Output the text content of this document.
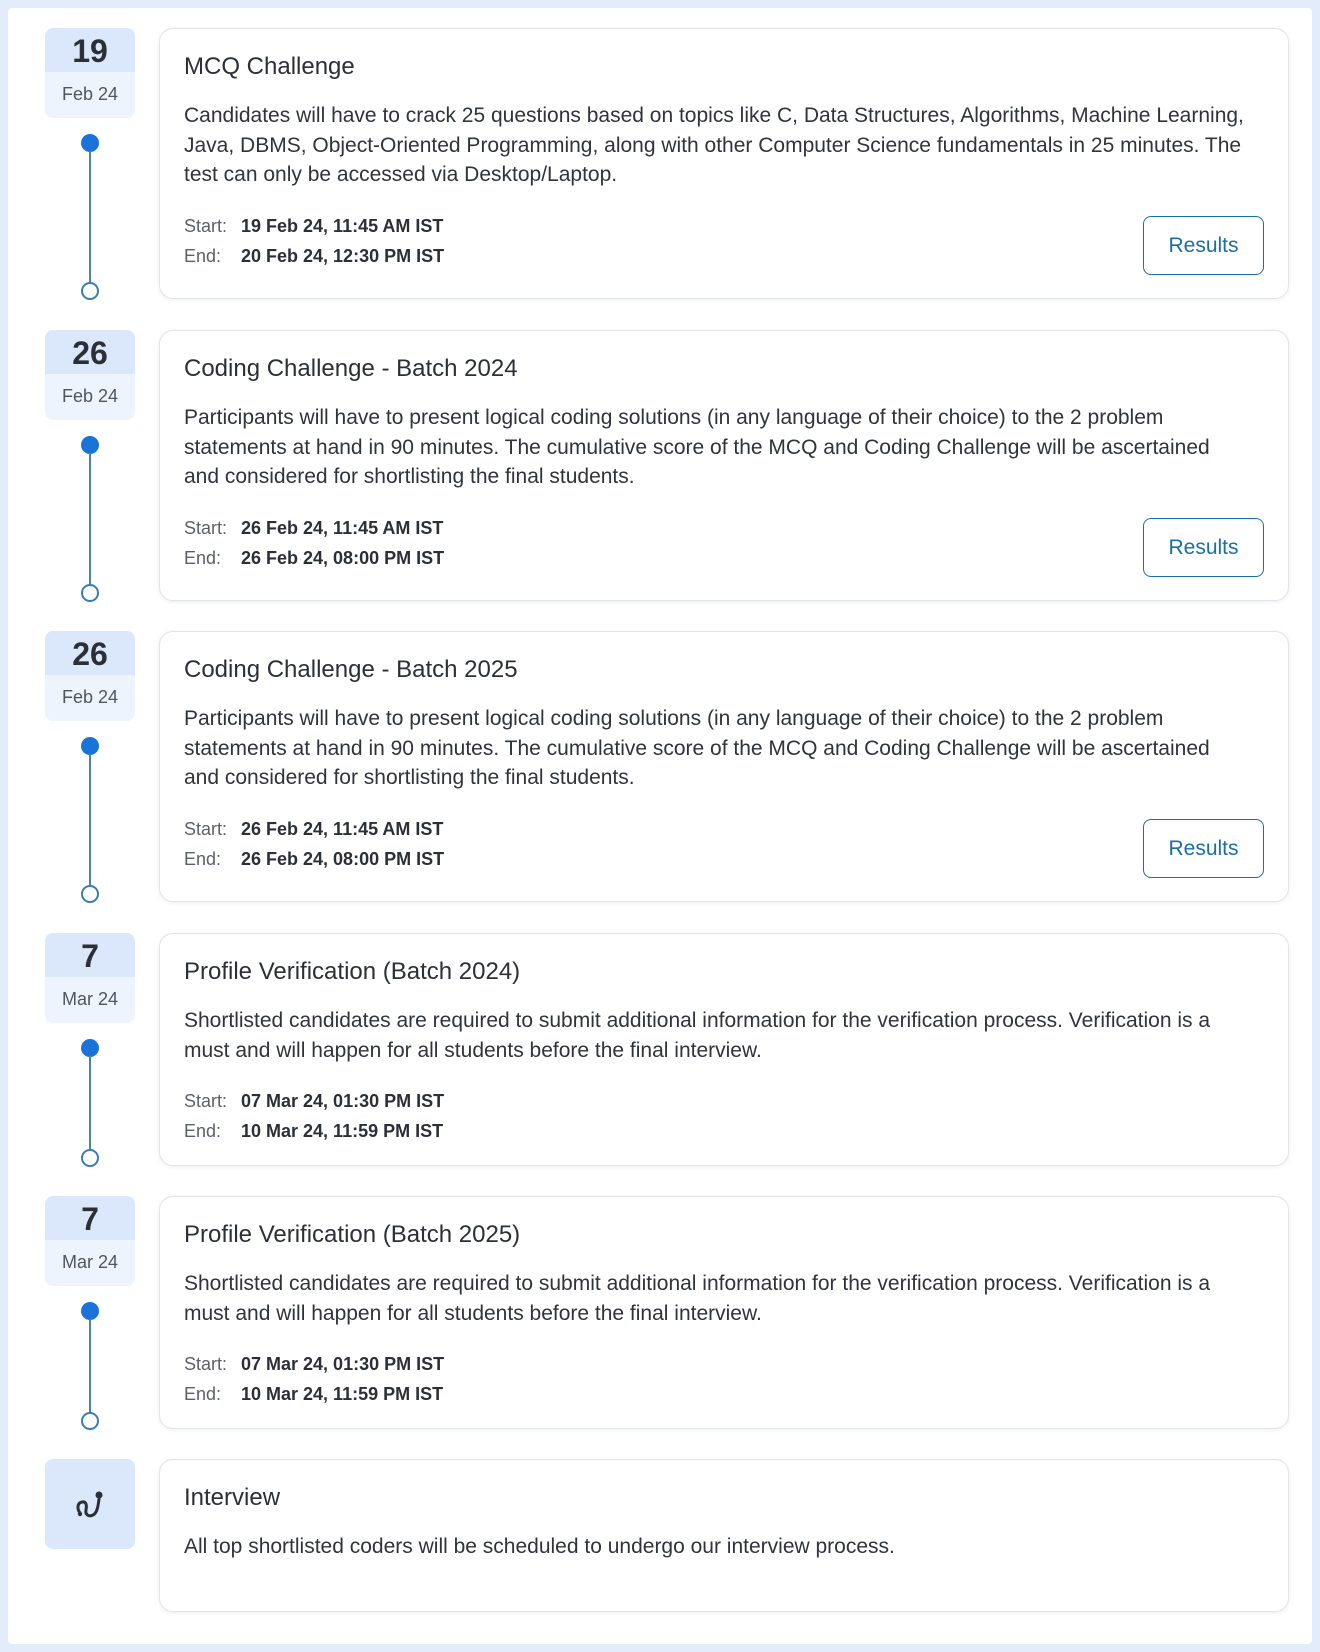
19
Feb 24
MCQ Challenge
Candidates will have to crack 25 questions based on topics like C, Data Structures, Algorithms, Machine Learning, Java, DBMS, Object-Oriented Programming, along with other Computer Science fundamentals in 25 minutes. The test can only be accessed via Desktop/Laptop.
Start: 19 Feb 24, 11:45 AM IST
End: 20 Feb 24, 12:30 PM IST	Results
26
Feb 24
Coding Challenge - Batch 2024
Participants will have to present logical coding solutions (in any language of their choice) to the 2 problem statements at hand in 90 minutes. The cumulative score of the MCQ and Coding Challenge will be ascertained and considered for shortlisting the final students.
Start: 26 Feb 24, 11:45 AM IST
End: 26 Feb 24, 08:00 PM IST	Results
26
Feb 24
Coding Challenge - Batch 2025
Participants will have to present logical coding solutions (in any language of their choice) to the 2 problem statements at hand in 90 minutes. The cumulative score of the MCQ and Coding Challenge will be ascertained and considered for shortlisting the final students.
Start: 26 Feb 24, 11:45 AM IST
End: 26 Feb 24, 08:00 PM IST	Results
7
Mar 24
Profile Verification (Batch 2024)
Shortlisted candidates are required to submit additional information for the verification process. Verification is a must and will happen for all students before the final interview.
Start: 07 Mar 24, 01:30 PM IST
End: 10 Mar 24, 11:59 PM IST
7
Mar 24
Profile Verification (Batch 2025)
Shortlisted candidates are required to submit additional information for the verification process. Verification is a must and will happen for all students before the final interview.
Start: 07 Mar 24, 01:30 PM IST
End: 10 Mar 24, 11:59 PM IST
Interview
All top shortlisted coders will be scheduled to undergo our interview process.
